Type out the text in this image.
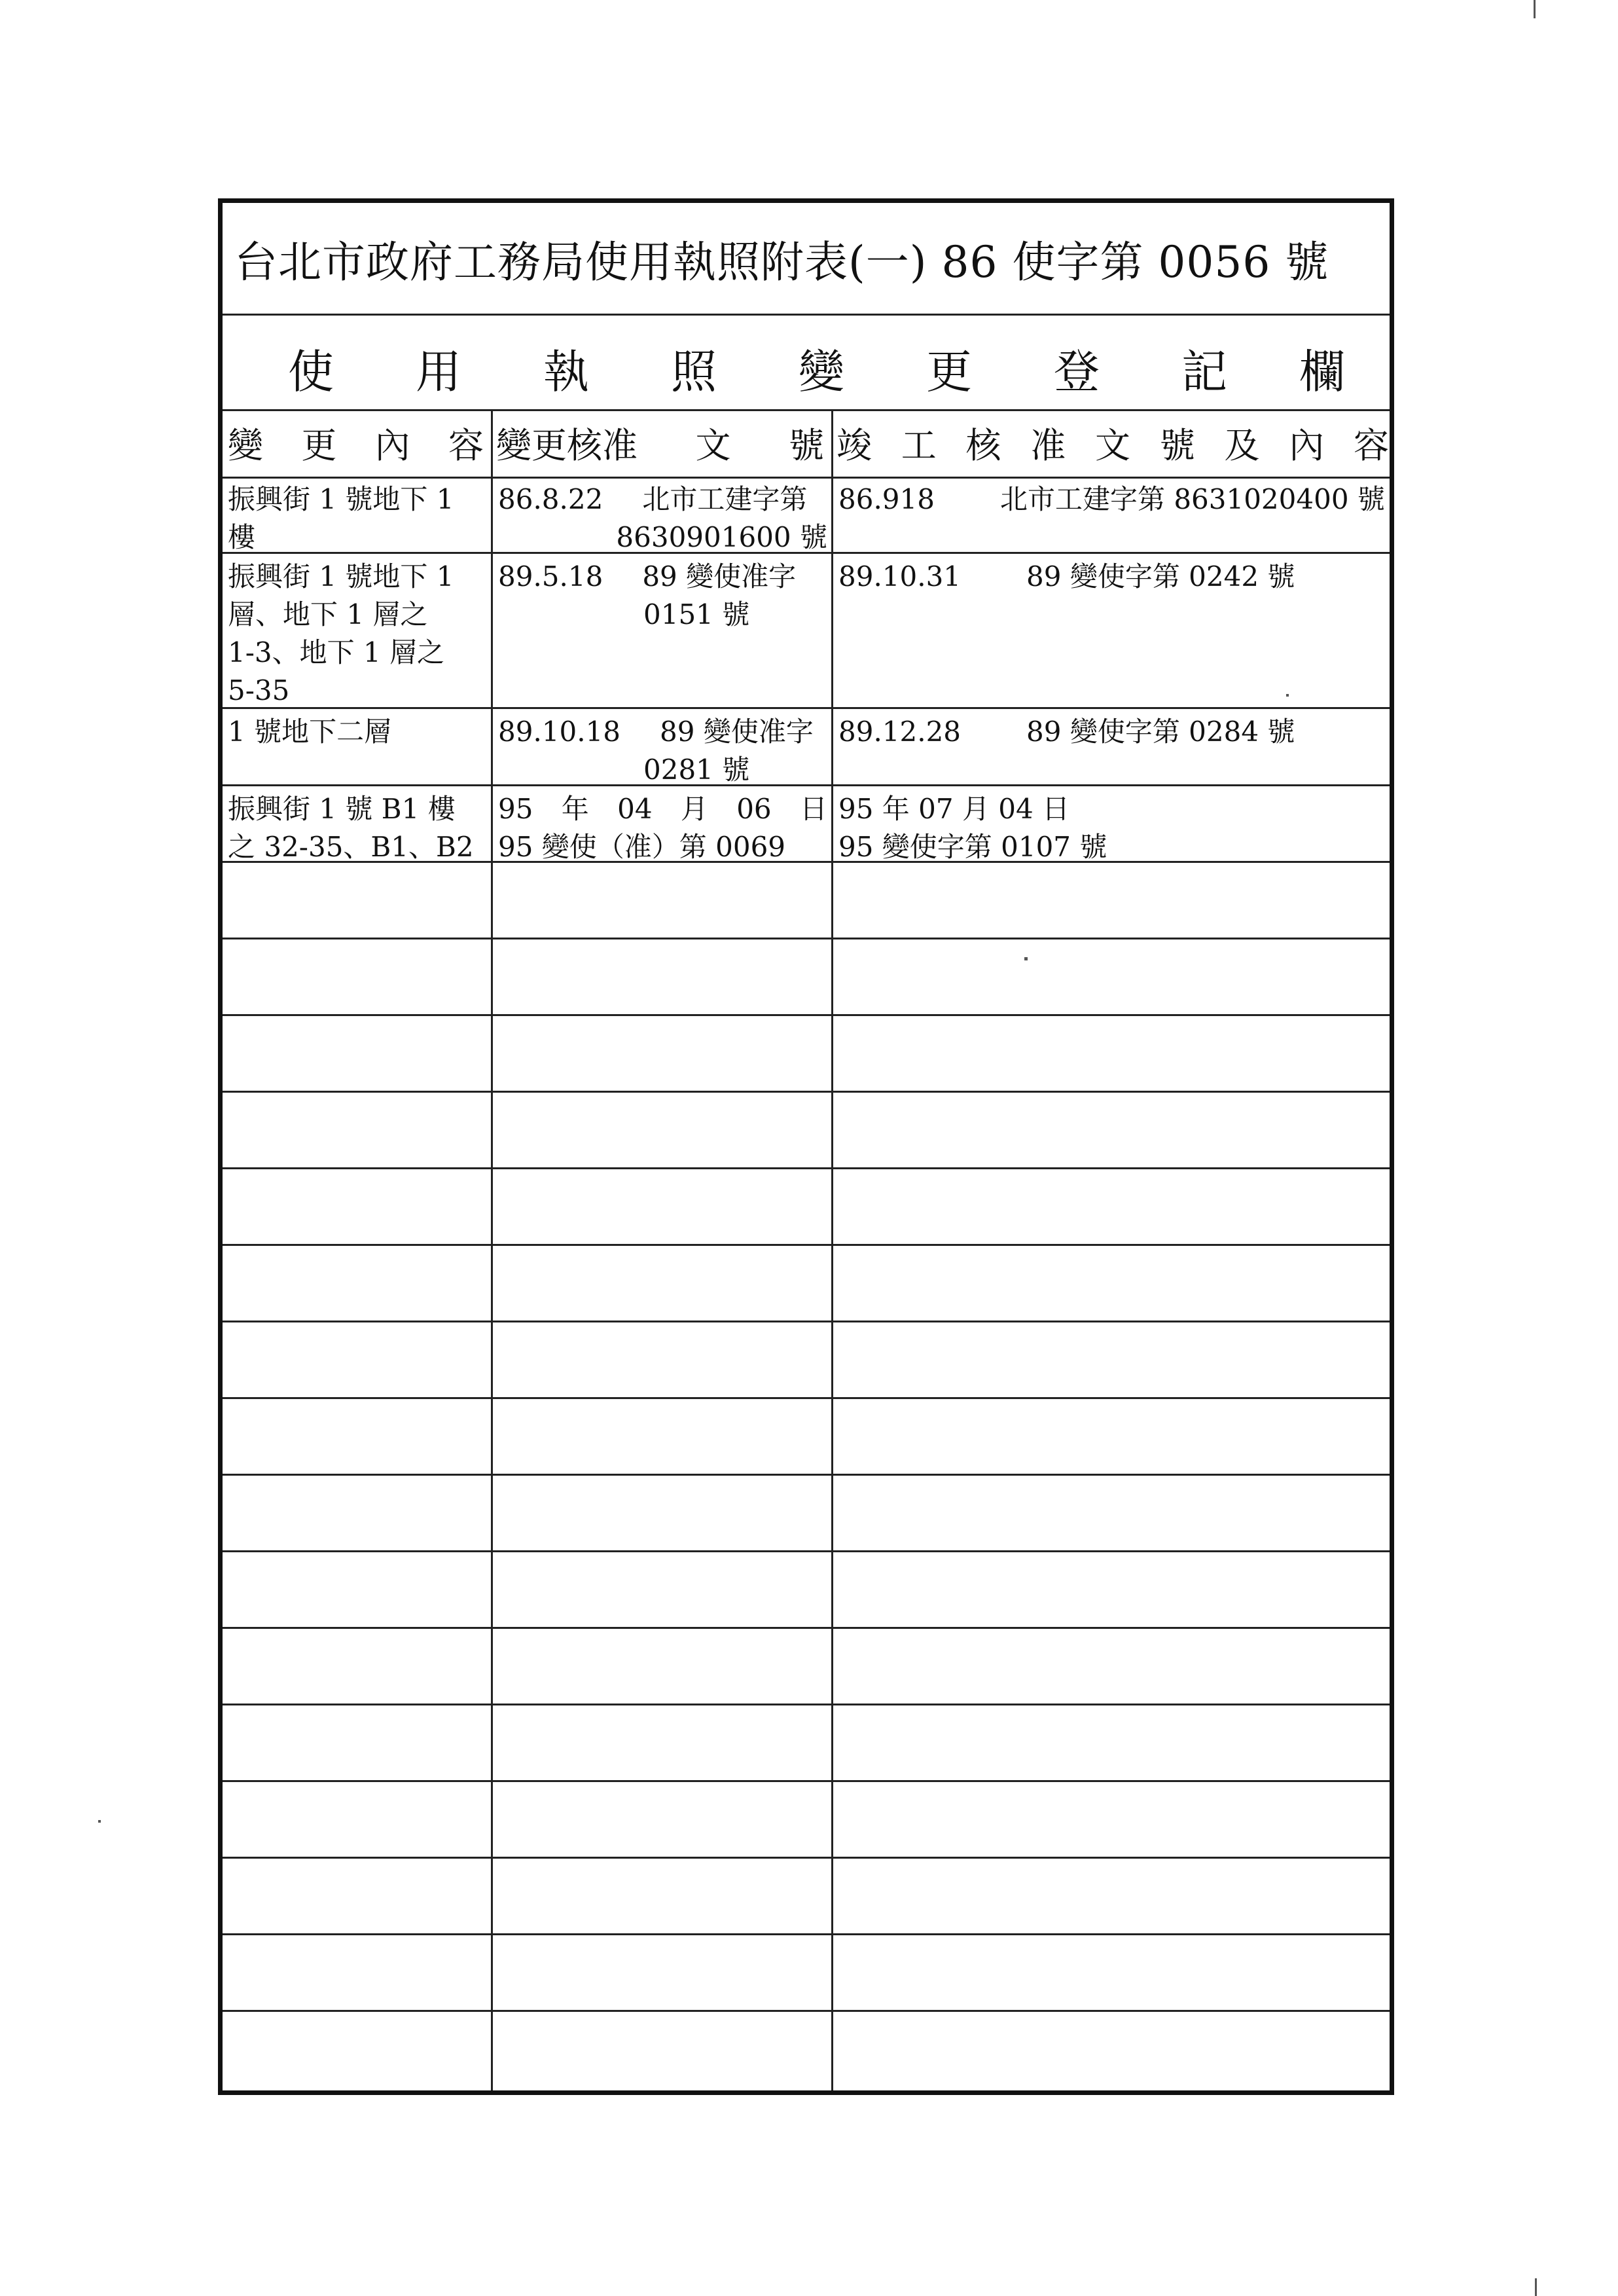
台北市政府工務局使用執照附表(一) 86 使字第 0056 號
使 用 執 照 變 更 登 記 欄
變 更 內 容 變更核准 文 號 竣 工 核 准 文 號 及 內 容
振興街 1 號地下 1
樓
86.8.22 北市工建字第
8630901600 號
86.918 北市工建字第 8631020400 號
振興街 1 號地下 1
層、地下 1 層之
1-3、地下 1 層之
5-35
89.5.18 89 變使准字
0151 號
89.10.31 89 變使字第 0242 號
1 號地下二層	89.10.18 89 變使准字
0281 號
89.12.28 89 變使字第 0284 號
振興街 1 號 B1 樓
之 32-35、B1、B2
95 年 04 月 06 日
95 變使（准）第 0069
95 年 07 月 04 日
95 變使字第 0107 號
